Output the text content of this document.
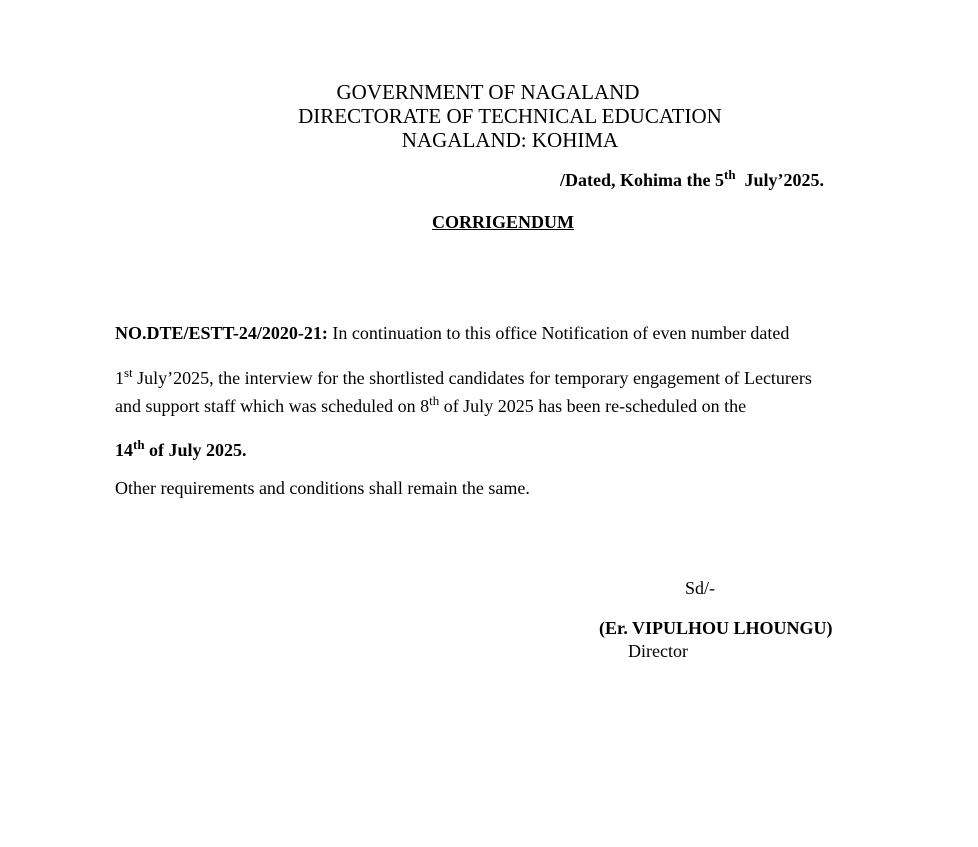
GOVERNMENT OF NAGALAND
DIRECTORATE OF TECHNICAL EDUCATION
NAGALAND: KOHIMA
/Dated, Kohima the 5th  July’2025.
CORRIGENDUM
NO.DTE/ESTT-24/2020-21: In continuation to this office Notification of even number dated
1st July’2025, the interview for the shortlisted candidates for temporary engagement of Lecturers
and support staff which was scheduled on 8th of July 2025 has been re-scheduled on the
14th of July 2025.
Other requirements and conditions shall remain the same.
Sd/-
(Er. VIPULHOU LHOUNGU)
Director
